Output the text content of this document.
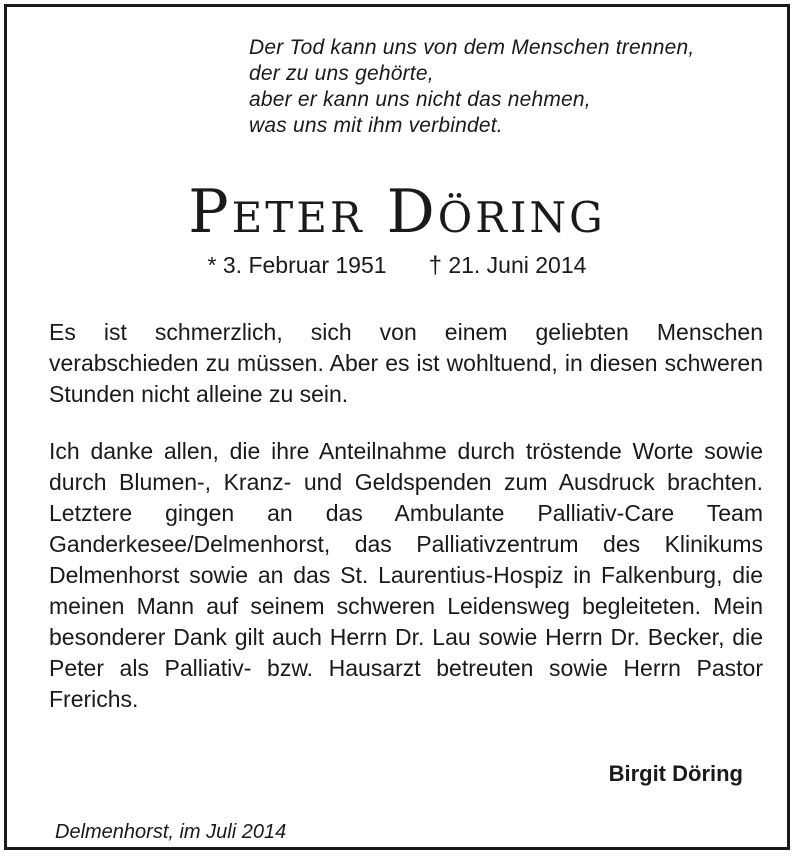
Der Tod kann uns von dem Menschen trennen,
der zu uns gehörte,
aber er kann uns nicht das nehmen,
was uns mit ihm verbindet.
Peter Döring
* 3. Februar 1951 † 21. Juni 2014
Es ist schmerzlich, sich von einem geliebten Menschen verabschieden zu müssen. Aber es ist wohltuend, in diesen schweren Stunden nicht alleine zu sein.
Ich danke allen, die ihre Anteilnahme durch tröstende Worte sowie durch Blumen-, Kranz- und Geldspenden zum Ausdruck brachten. Letztere gingen an das Ambulante Palliativ-Care Team Ganderkesee/Delmenhorst, das Palliativzentrum des Klinikums Delmenhorst sowie an das St. Laurentius-Hospiz in Falkenburg, die meinen Mann auf seinem schweren Leidensweg begleiteten. Mein besonderer Dank gilt auch Herrn Dr. Lau sowie Herrn Dr. Becker, die Peter als Palliativ- bzw. Hausarzt betreuten sowie Herrn Pastor Frerichs.
Birgit Döring
Delmenhorst, im Juli 2014
